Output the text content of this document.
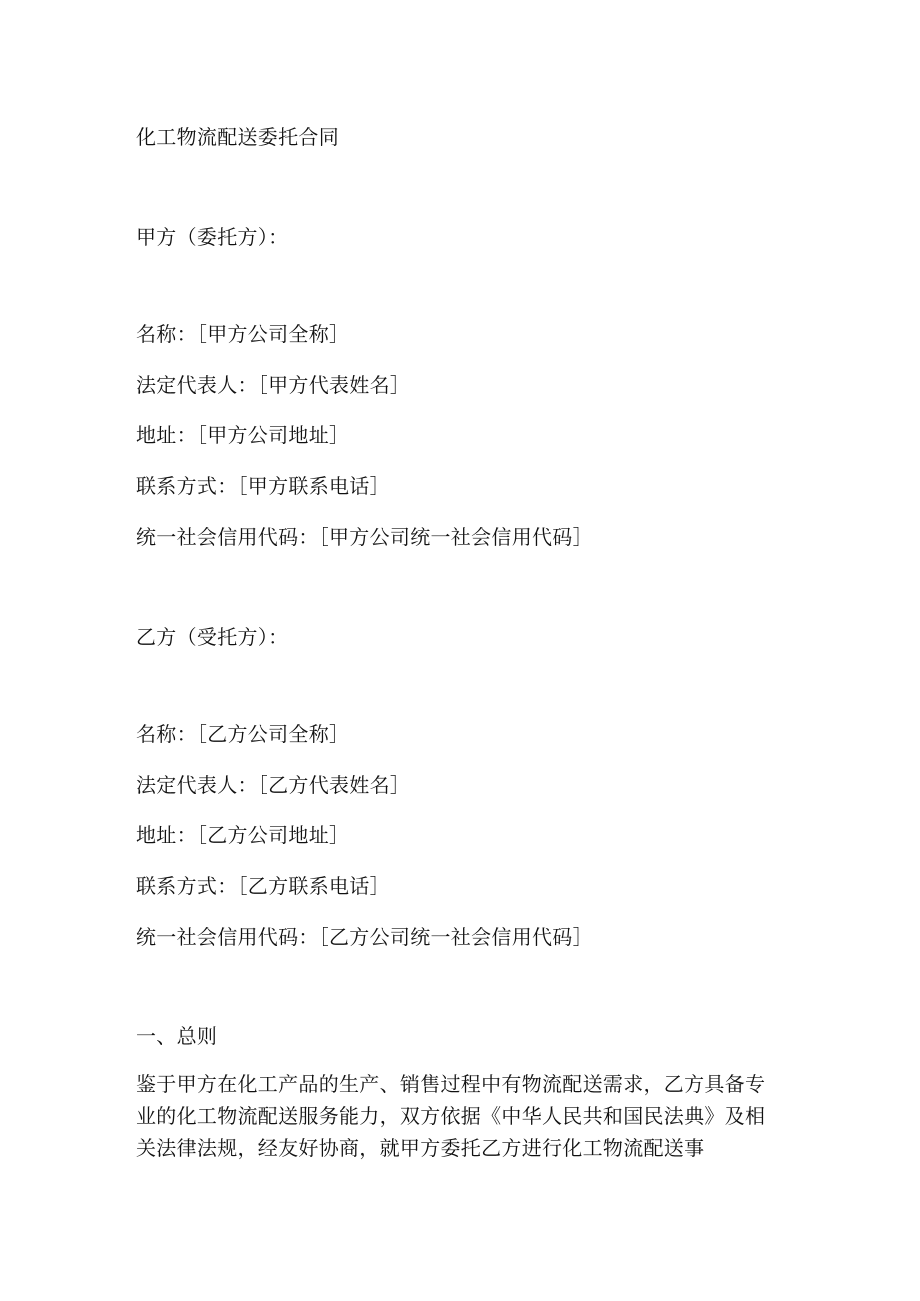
化工物流配送委托合同
甲方（委托方）：
名称：［甲方公司全称］
法定代表人：［甲方代表姓名］
地址：［甲方公司地址］
联系方式：［甲方联系电话］
统一社会信用代码：［甲方公司统一社会信用代码］
乙方（受托方）：
名称：［乙方公司全称］
法定代表人：［乙方代表姓名］
地址：［乙方公司地址］
联系方式：［乙方联系电话］
统一社会信用代码：［乙方公司统一社会信用代码］
一、总则
鉴于甲方在化工产品的生产、销售过程中有物流配送需求，乙方具备专
业的化工物流配送服务能力，双方依据《中华人民共和国民法典》及相
关法律法规，经友好协商，就甲方委托乙方进行化工物流配送事
